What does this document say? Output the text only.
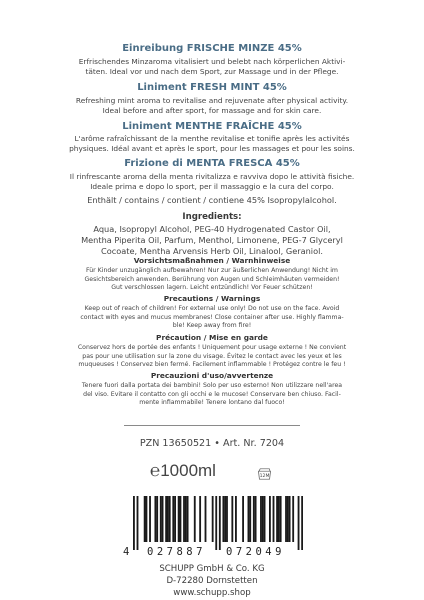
Einreibung FRISCHE MINZE 45%
Erfrischendes Minzaroma vitalisiert und belebt nach körperlichen Aktivi-
täten. Ideal vor und nach dem Sport, zur Massage und in der Pflege.
Liniment FRESH MINT 45%
Refreshing mint aroma to revitalise and rejuvenate after physical activity.
Ideal before and after sport, for massage and for skin care.
Liniment MENTHE FRAÎCHE 45%
L'arôme rafraîchissant de la menthe revitalise et tonifie après les activités
physiques. Idéal avant et après le sport, pour les massages et pour les soins.
Frizione di MENTA FRESCA 45%
Il rinfrescante aroma della menta rivitalizza e ravviva dopo le attività fisiche.
Ideale prima e dopo lo sport, per il massaggio e la cura del corpo.
Enthält / contains / contient / contiene 45% Isopropylalcohol.
Ingredients:
Aqua, Isopropyl Alcohol, PEG-40 Hydrogenated Castor Oil,
Mentha Piperita Oil, Parfum, Menthol, Limonene, PEG-7 Glyceryl
Cocoate, Mentha Arvensis Herb Oil, Linalool, Geraniol.
Vorsichtsmaßnahmen / Warnhinweise
Für Kinder unzugänglich aufbewahren! Nur zur äußerlichen Anwendung! Nicht im
Gesichtsbereich anwenden. Berührung von Augen und Schleimhäuten vermeiden!
Gut verschlossen lagern. Leicht entzündlich! Vor Feuer schützen!
Precautions / Warnings
Keep out of reach of children! For external use only! Do not use on the face. Avoid
contact with eyes and mucus membranes! Close container after use. Highly flamma-
ble! Keep away from fire!
Précaution / Mise en garde
Conservez hors de portée des enfants ! Uniquement pour usage externe ! Ne convient
pas pour une utilisation sur la zone du visage. Évitez le contact avec les yeux et les
muqueuses ! Conservez bien fermé. Facilement inflammable ! Protégez contre le feu !
Precauzioni d'uso/avvertenze
Tenere fuori dalla portata dei bambini! Solo per uso esterno! Non utilizzare nell'area
del viso. Evitare il contatto con gli occhi e le mucose! Conservare ben chiuso. Facil-
mente infiammabile! Tenere lontano dal fuoco!
PZN 13650521 • Art. Nr. 7204
℮1000ml	12M
4 027887 072049
SCHUPP GmbH & Co. KG
D-72280 Dornstetten
www.schupp.shop
